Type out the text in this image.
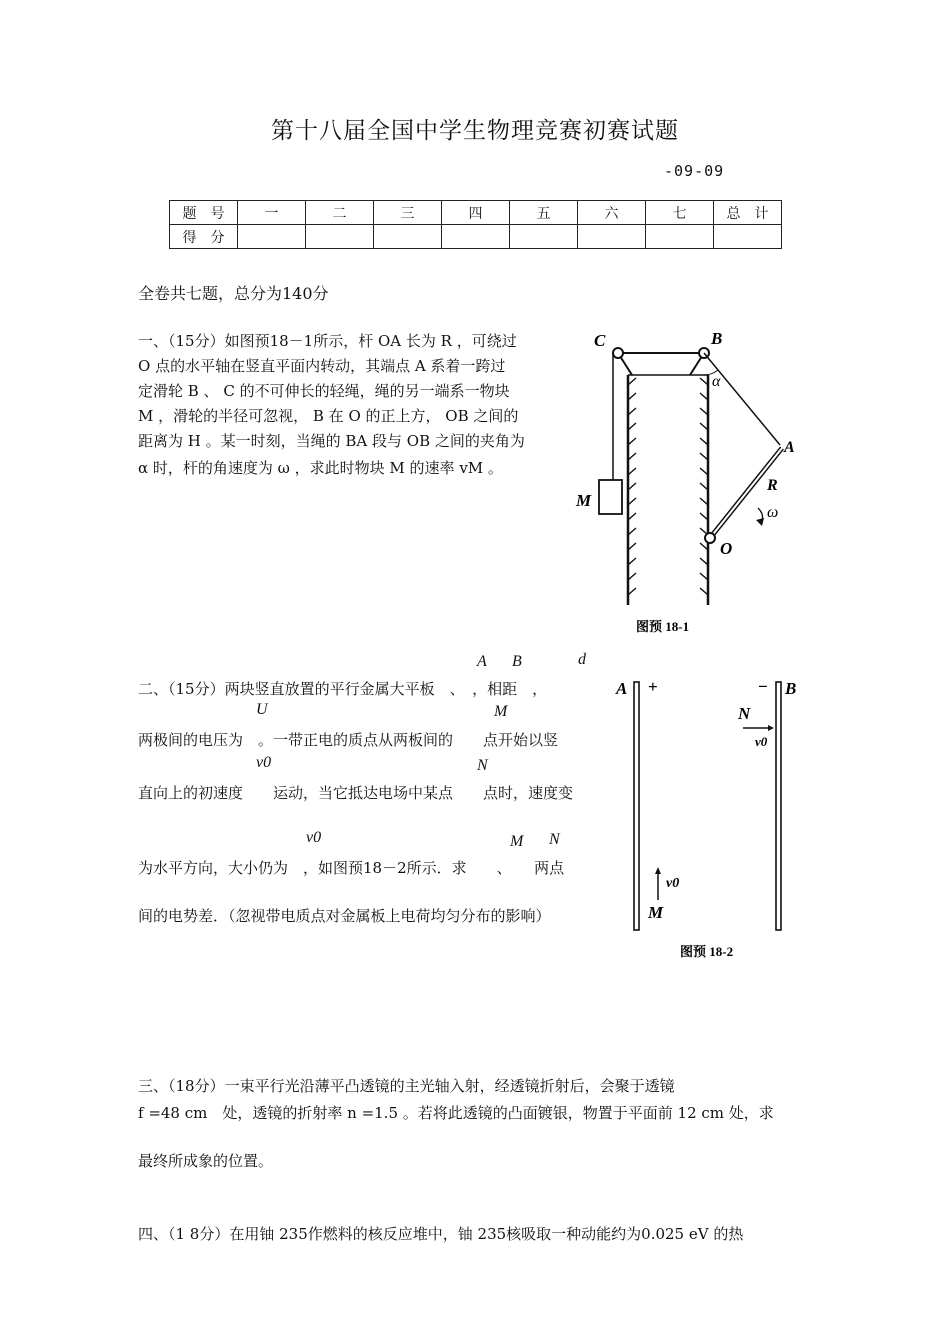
第十八届全国中学生物理竞赛初赛试题
-09-09
题　号	一	二	三	四	五	六	七	总　计
得　分								
全卷共七题，总分为140分
一、（15分）如图预18－1所示，杆 OA 长为 R ，可绕过
O 点的水平轴在竖直平面内转动，其端点 A 系着一跨过
定滑轮 B 、 C 的不可伸长的轻绳，绳的另一端系一物块
M ，滑轮的半径可忽视， B 在 O 的正上方， OB 之间的
距离为 H 。某一时刻，当绳的 BA 段与 OB 之间的夹角为
α 时，杆的角速度为 ω ，求此时物块 M 的速率 vM 。
C	B
α
A
R
ω
M
O
图预 18-1
A B	d
U	M
v0	N
v0	M N
二、（15分）两块竖直放置的平行金属大平板　、　，相距　，
两极间的电压为　。一带正电的质点从两板间的　　点开始以竖
直向上的初速度　　运动，当它抵达电场中某点　　点时，速度变
为水平方向，大小仍为　，如图预18－2所示．求　　、　　两点
间的电势差．（忽视带电质点对金属板上电荷均匀分布的影响）
A +	− B
N
v0
v0
M
图预 18-2
三、（18分）一束平行光沿薄平凸透镜的主光轴入射，经透镜折射后，会聚于透镜
f =48 cm　处，透镜的折射率 n =1.5 。若将此透镜的凸面镀银，物置于平面前 12 cm 处，求
最终所成象的位置。
四、（1 8分）在用铀 235作燃料的核反应堆中，铀 235核吸取一种动能约为0.025 eV 的热
